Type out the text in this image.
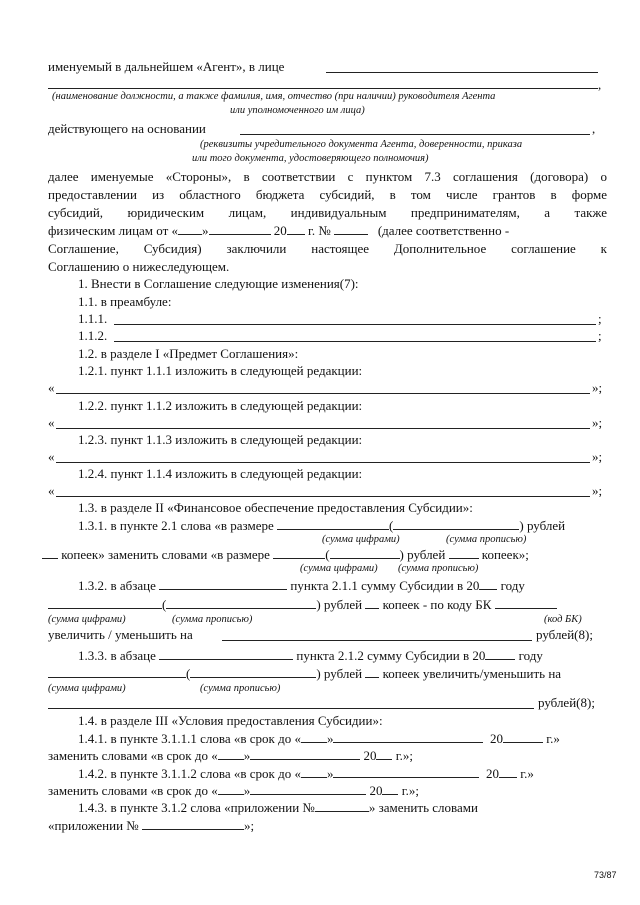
именуемый в дальнейшем «Агент», в лице
,
(наименование должности, а также фамилия, имя, отчество (при наличии) руководителя Агента
или уполномоченного им лица)
действующего на основании	,
(реквизиты учредительного документа Агента, доверенности, приказа
или того документа, удостоверяющего полномочия)
далее именуемые «Стороны», в соответствии с пунктом 7.3 соглашения (договора) о
предоставлении из областного бюджета субсидий, в том числе грантов в форме
субсидий, юридическим лицам, индивидуальным предпринимателям, а также
физическим лицам от « »	20 г. №	(далее соответственно -
Соглашение, Субсидия) заключили настоящее Дополнительное соглашение к
Соглашению о нижеследующем.
1. Внести в Соглашение следующие изменения(7):
1.1. в преамбуле:
1.1.1.	;
1.1.2.	;
1.2. в разделе I «Предмет Соглашения»:
1.2.1. пункт 1.1.1 изложить в следующей редакции:
«	»;
1.2.2. пункт 1.1.2 изложить в следующей редакции:
«	»;
1.2.3. пункт 1.1.3 изложить в следующей редакции:
«	»;
1.2.4. пункт 1.1.4 изложить в следующей редакции:
«	»;
1.3. в разделе II «Финансовое обеспечение предоставления Субсидии»:
1.3.1. в пункте 2.1 слова «в размере	(	) рублей
(сумма цифрами)	(сумма прописью)
копеек» заменить словами «в размере	(	) рублей	копеек»;
(сумма цифрами) (сумма прописью)
1.3.2. в абзаце	пункта 2.1.1 сумму Субсидии в 20 году
(	) рублей копеек - по коду БК
(сумма цифрами)	(сумма прописью)	(код БК)
увеличить / уменьшить на	рублей(8);
1.3.3. в абзаце	пункта 2.1.2 сумму Субсидии в 20	году
(	) рублей копеек увеличить/уменьшить на
(сумма цифрами)	(сумма прописью)
рублей(8);
1.4. в разделе III «Условия предоставления Субсидии»:
1.4.1. в пункте 3.1.1.1 слова «в срок до « »	20	г.»
заменить словами «в срок до « »	20 г.»;
1.4.2. в пункте 3.1.1.2 слова «в срок до « »	20 г.»
заменить словами «в срок до « »	20 г.»;
1.4.3. в пункте 3.1.2 слова «приложении №	» заменить словами
«приложении №	»;
73/87
